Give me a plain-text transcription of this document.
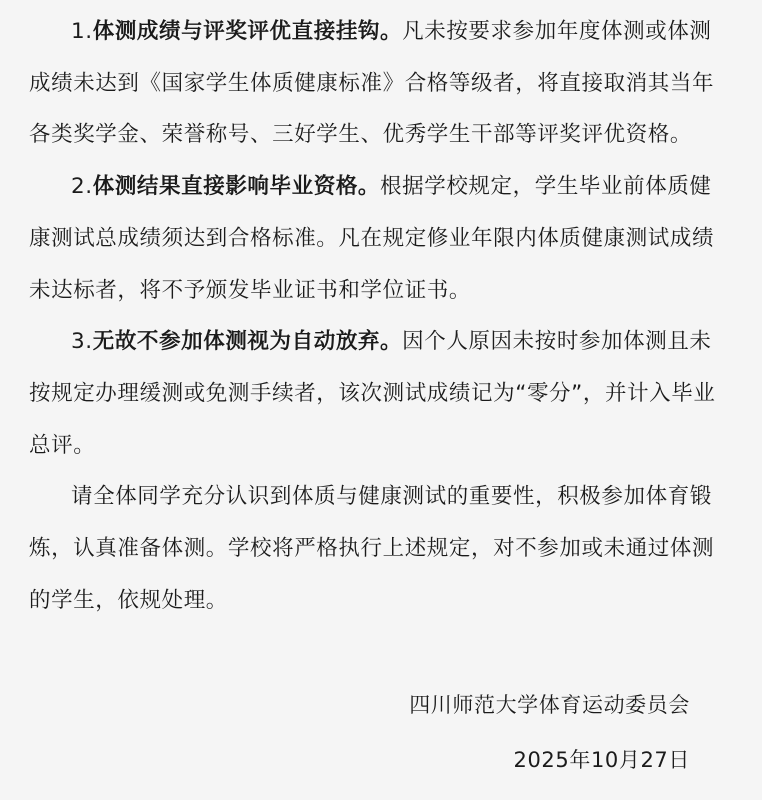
1.体测成绩与评奖评优直接挂钩。凡未按要求参加年度体测或体测成绩未达到《国家学生体质健康标准》合格等级者，将直接取消其当年各类奖学金、荣誉称号、三好学生、优秀学生干部等评奖评优资格。

2.体测结果直接影响毕业资格。根据学校规定，学生毕业前体质健康测试总成绩须达到合格标准。凡在规定修业年限内体质健康测试成绩未达标者，将不予颁发毕业证书和学位证书。

3.无故不参加体测视为自动放弃。因个人原因未按时参加体测且未按规定办理缓测或免测手续者，该次测试成绩记为“零分”，并计入毕业总评。

请全体同学充分认识到体质与健康测试的重要性，积极参加体育锻炼，认真准备体测。学校将严格执行上述规定，对不参加或未通过体测的学生，依规处理。

四川师范大学体育运动委员会

2025年10月27日
